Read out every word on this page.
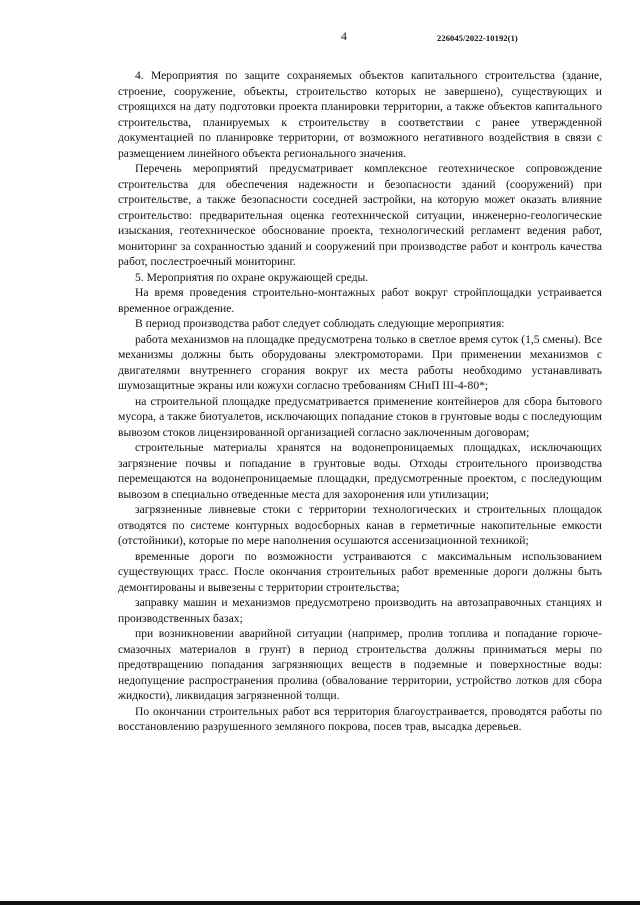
4	226045/2022-10192(1)

4. Мероприятия по защите сохраняемых объектов капитального строительства (здание, строение, сооружение, объекты, строительство которых не завершено), существующих и строящихся на дату подготовки проекта планировки территории, а также объектов капитального строительства, планируемых к строительству в соответствии с ранее утвержденной документацией по планировке территории, от возможного негативного воздействия в связи с размещением линейного объекта регионального значения.

Перечень мероприятий предусматривает комплексное геотехническое сопровождение строительства для обеспечения надежности и безопасности зданий (сооружений) при строительстве, а также безопасности соседней застройки, на которую может оказать влияние строительство: предварительная оценка геотехнической ситуации, инженерно-геологические изыскания, геотехническое обоснование проекта, технологический регламент ведения работ, мониторинг за сохранностью зданий и сооружений при производстве работ и контроль качества работ, послестроечный мониторинг.

5. Мероприятия по охране окружающей среды.

На время проведения строительно-монтажных работ вокруг стройплощадки устраивается временное ограждение.

В период производства работ следует соблюдать следующие мероприятия:

работа механизмов на площадке предусмотрена только в светлое время суток (1,5 смены). Все механизмы должны быть оборудованы электромоторами. При применении механизмов с двигателями внутреннего сгорания вокруг их места работы необходимо устанавливать шумозащитные экраны или кожухи согласно требованиям СНиП III-4-80*;

на строительной площадке предусматривается применение контейнеров для сбора бытового мусора, а также биотуалетов, исключающих попадание стоков в грунтовые воды с последующим вывозом стоков лицензированной организацией согласно заключенным договорам;

строительные материалы хранятся на водонепроницаемых площадках, исключающих загрязнение почвы и попадание в грунтовые воды. Отходы строительного производства перемещаются на водонепроницаемые площадки, предусмотренные проектом, с последующим вывозом в специально отведенные места для захоронения или утилизации;

загрязненные ливневые стоки с территории технологических и строительных площадок отводятся по системе контурных водосборных канав в герметичные накопительные емкости (отстойники), которые по мере наполнения осушаются ассенизационной техникой;

временные дороги по возможности устраиваются с максимальным использованием существующих трасс. После окончания строительных работ временные дороги должны быть демонтированы и вывезены с территории строительства;

заправку машин и механизмов предусмотрено производить на автозаправочных станциях и производственных базах;

при возникновении аварийной ситуации (например, пролив топлива и попадание горюче-смазочных материалов в грунт) в период строительства должны приниматься меры по предотвращению попадания загрязняющих веществ в подземные и поверхностные воды: недопущение распространения пролива (обвалование территории, устройство лотков для сбора жидкости), ликвидация загрязненной толщи.

По окончании строительных работ вся территория благоустраивается, проводятся работы по восстановлению разрушенного земляного покрова, посев трав, высадка деревьев.
